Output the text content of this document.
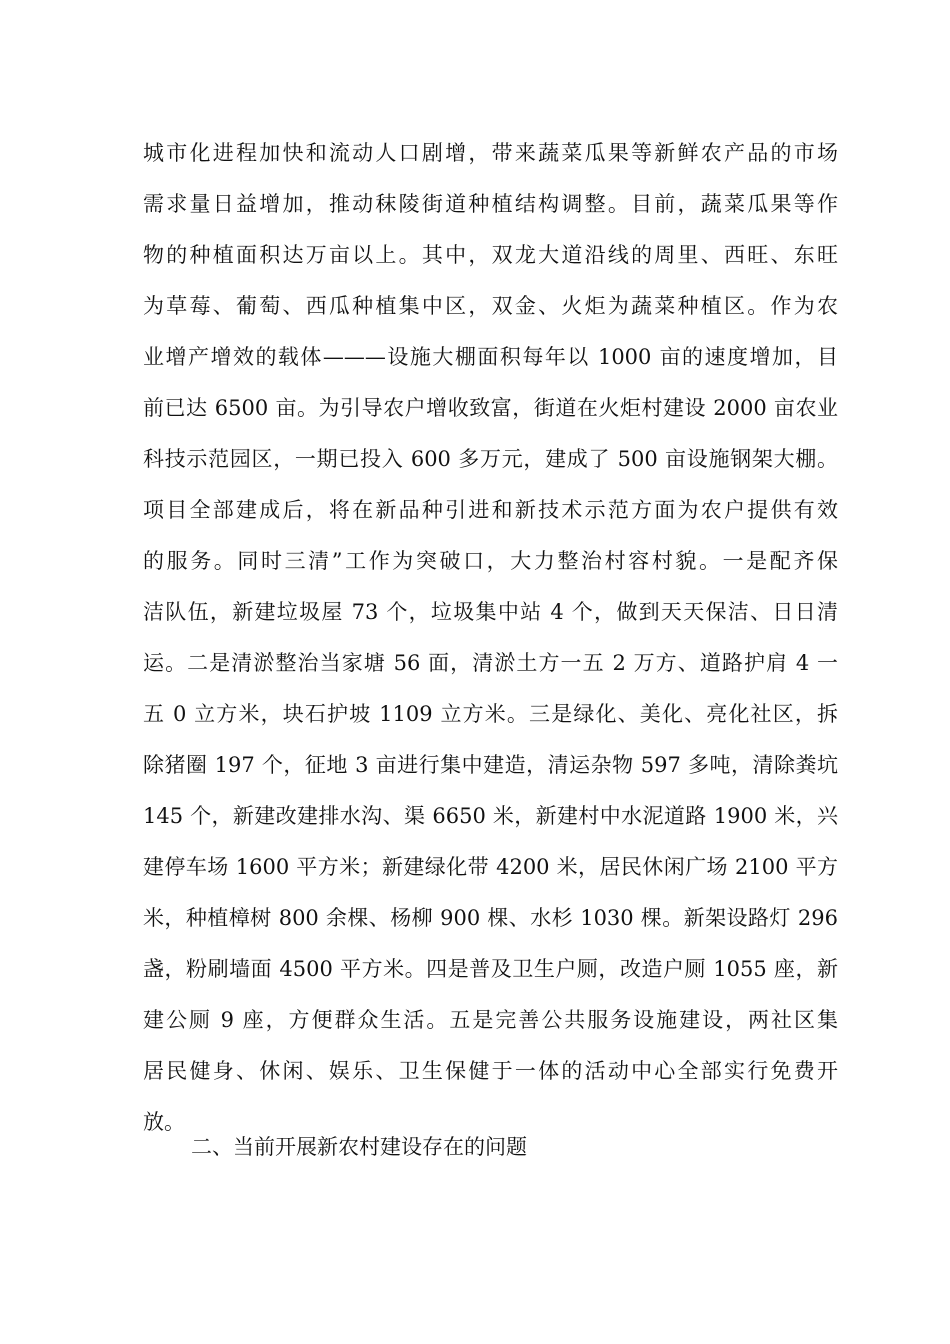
城市化进程加快和流动人口剧增，带来蔬菜瓜果等新鲜农产品的市场
需求量日益增加，推动秣陵街道种植结构调整。目前，蔬菜瓜果等作
物的种植面积达万亩以上。其中，双龙大道沿线的周里、西旺、东旺
为草莓、葡萄、西瓜种植集中区，双金、火炬为蔬菜种植区。作为农
业增产增效的载体———设施大棚面积每年以 1000 亩的速度增加，目
前已达 6500 亩。为引导农户增收致富，街道在火炬村建设 2000 亩农业
科技示范园区，一期已投入 600 多万元，建成了 500 亩设施钢架大棚。
项目全部建成后，将在新品种引进和新技术示范方面为农户提供有效
的服务。同时三清”工作为突破口，大力整治村容村貌。一是配齐保
洁队伍，新建垃圾屋 73 个，垃圾集中站 4 个，做到天天保洁、日日清
运。二是清淤整治当家塘 56 面，清淤土方一五 2 万方、道路护肩 4 一
五 0 立方米，块石护坡 1109 立方米。三是绿化、美化、亮化社区，拆
除猪圈 197 个，征地 3 亩进行集中建造，清运杂物 597 多吨，清除粪坑
145 个，新建改建排水沟、渠 6650 米，新建村中水泥道路 1900 米，兴
建停车场 1600 平方米；新建绿化带 4200 米，居民休闲广场 2100 平方
米，种植樟树 800 余棵、杨柳 900 棵、水杉 1030 棵。新架设路灯 296
盏，粉刷墙面 4500 平方米。四是普及卫生户厕，改造户厕 1055 座，新
建公厕 9 座，方便群众生活。五是完善公共服务设施建设，两社区集
居民健身、休闲、娱乐、卫生保健于一体的活动中心全部实行免费开
放。
二、当前开展新农村建设存在的问题
